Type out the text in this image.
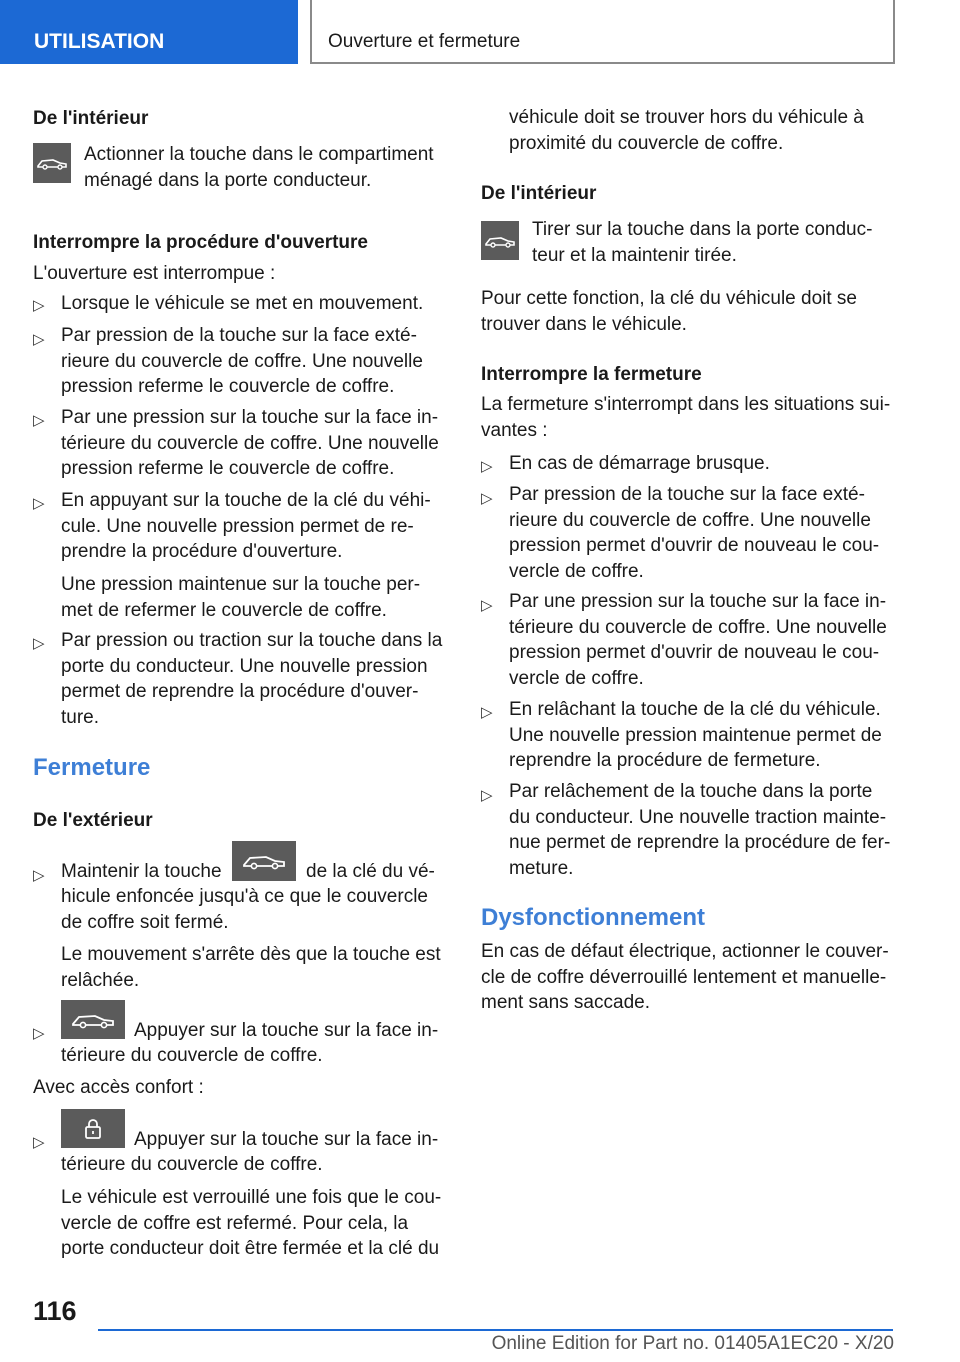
UTILISATION	Ouverture et fermeture

De l'intérieur

Actionner la touche dans le compartiment
ménagé dans la porte conducteur.

Interrompre la procédure d'ouverture

L'ouverture est interrompue :

▷ Lorsque le véhicule se met en mouvement.

▷ Par pression de la touche sur la face exté-
rieure du couvercle de coffre. Une nouvelle
pression referme le couvercle de coffre.

▷ Par une pression sur la touche sur la face in-
térieure du couvercle de coffre. Une nouvelle
pression referme le couvercle de coffre.

▷ En appuyant sur la touche de la clé du véhi-
cule. Une nouvelle pression permet de re-
prendre la procédure d'ouverture.

Une pression maintenue sur la touche per-
met de refermer le couvercle de coffre.

▷ Par pression ou traction sur la touche dans la
porte du conducteur. Une nouvelle pression
permet de reprendre la procédure d'ouver-
ture.

Fermeture

De l'extérieur

▷ Maintenir la touche	de la clé du vé-

hicule enfoncée jusqu'à ce que le couvercle
de coffre soit fermé.

Le mouvement s'arrête dès que la touche est
relâchée.

▷	Appuyer sur la touche sur la face in-

térieure du couvercle de coffre.

Avec accès confort :

▷	Appuyer sur la touche sur la face in-

térieure du couvercle de coffre.

Le véhicule est verrouillé une fois que le cou-
vercle de coffre est refermé. Pour cela, la
porte conducteur doit être fermée et la clé du

véhicule doit se trouver hors du véhicule à
proximité du couvercle de coffre.

De l'intérieur

Tirer sur la touche dans la porte conduc-
teur et la maintenir tirée.

Pour cette fonction, la clé du véhicule doit se
trouver dans le véhicule.

Interrompre la fermeture

La fermeture s'interrompt dans les situations sui-
vantes :

▷ En cas de démarrage brusque.

▷ Par pression de la touche sur la face exté-
rieure du couvercle de coffre. Une nouvelle
pression permet d'ouvrir de nouveau le cou-
vercle de coffre.

▷ Par une pression sur la touche sur la face in-
térieure du couvercle de coffre. Une nouvelle
pression permet d'ouvrir de nouveau le cou-
vercle de coffre.

▷ En relâchant la touche de la clé du véhicule.
Une nouvelle pression maintenue permet de
reprendre la procédure de fermeture.

▷ Par relâchement de la touche dans la porte
du conducteur. Une nouvelle traction mainte-
nue permet de reprendre la procédure de fer-
meture.

Dysfonctionnement

En cas de défaut électrique, actionner le couver-
cle de coffre déverrouillé lentement et manuelle-
ment sans saccade.

116
Online Edition for Part no. 01405A1EC20 - X/20
